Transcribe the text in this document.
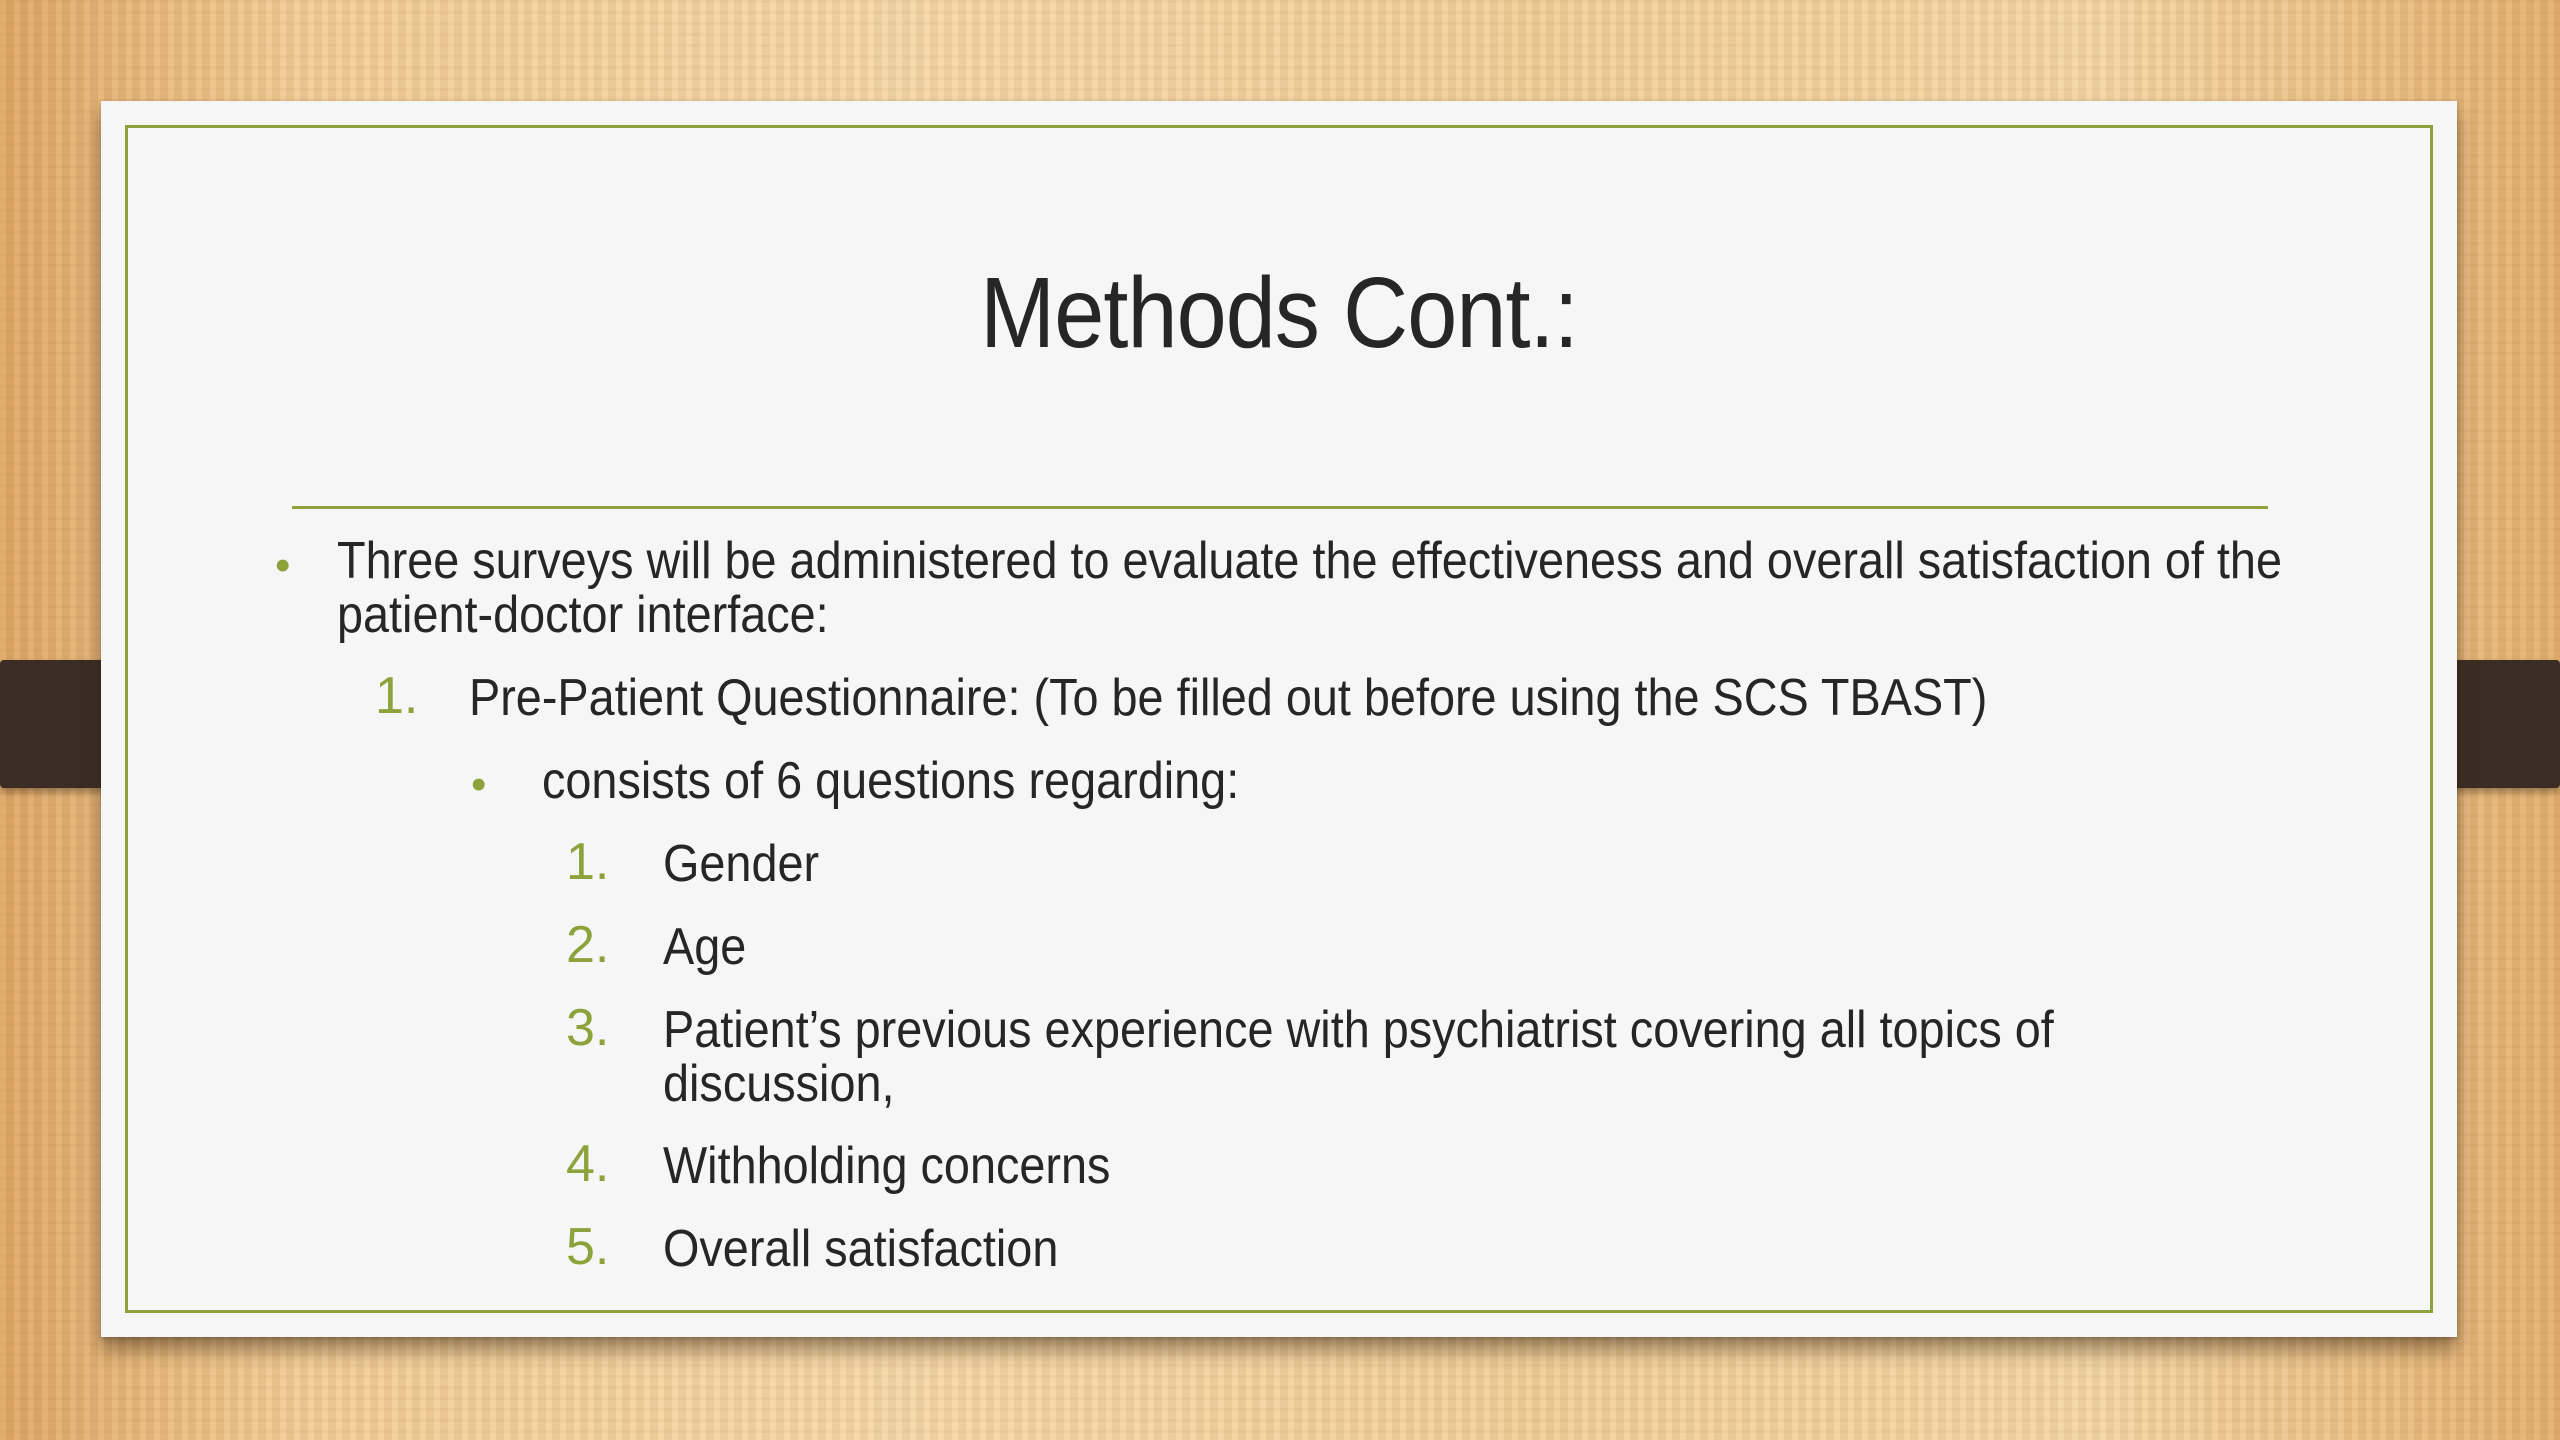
Methods Cont.:
• Three surveys will be administered to evaluate the effectiveness and overall satisfaction of the
patient-doctor interface:
1. Pre-Patient Questionnaire: (To be filled out before using the SCS TBAST)
• consists of 6 questions regarding:
1. Gender
2. Age
3. Patient’s previous experience with psychiatrist covering all topics of
discussion,
4. Withholding concerns
5. Overall satisfaction
